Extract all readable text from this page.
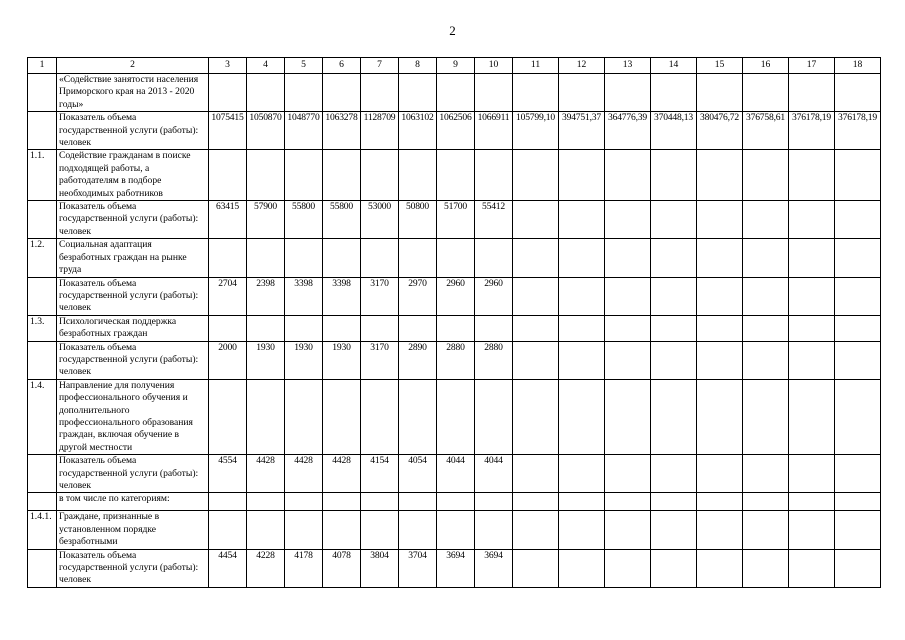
2
1	2	3	4	5	6	7	8	9	10	11	12	13	14	15	16	17	18
	«Содействие занятости населения Приморского края на 2013 - 2020 годы»																
	Показатель объема государственной услуги (работы): человек	1075415	1050870	1048770	1063278	1128709	1063102	1062506	1066911	105799,10	394751,37	364776,39	370448,13	380476,72	376758,61	376178,19	376178,19
1.1.	Содействие гражданам в поиске подходящей работы, а работодателям в подборе необходимых работников																
	Показатель объема государственной услуги (работы): человек	63415	57900	55800	55800	53000	50800	51700	55412								
1.2.	Социальная адаптация безработных граждан на рынке труда																
	Показатель объема государственной услуги (работы): человек	2704	2398	3398	3398	3170	2970	2960	2960								
1.3.	Психологическая поддержка безработных граждан																
	Показатель объема государственной услуги (работы): человек	2000	1930	1930	1930	3170	2890	2880	2880								
1.4.	Направление для получения профессионального обучения и дополнительного профессионального образования граждан, включая обучение в другой местности																
	Показатель объема государственной услуги (работы): человек	4554	4428	4428	4428	4154	4054	4044	4044								
	в том числе по категориям:																
1.4.1.	Граждане, признанные в установленном порядке безработными																
	Показатель объема государственной услуги (работы): человек	4454	4228	4178	4078	3804	3704	3694	3694								
